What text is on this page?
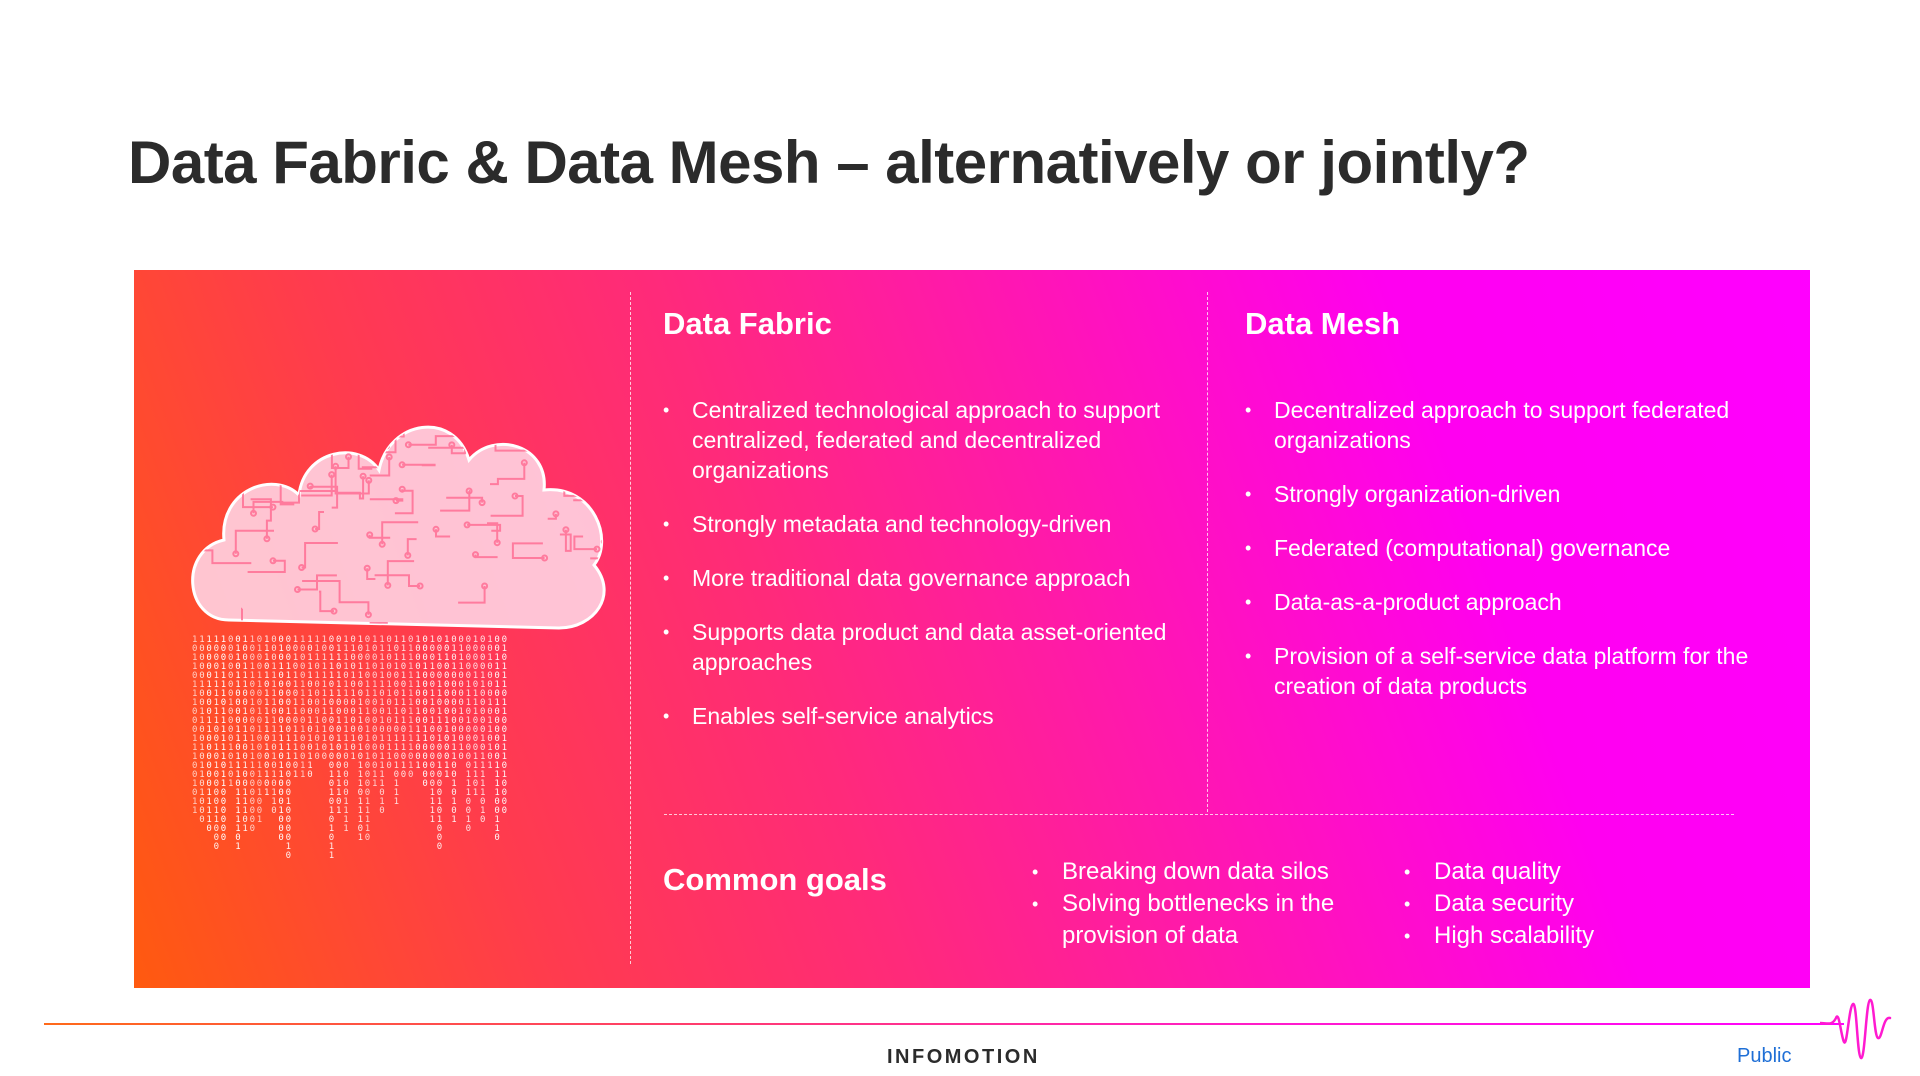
Data Fabric & Data Mesh – alternatively or jointly?
1 0 1 1 0 1 1 1 0 0 0 1 1 1 0 0 1 0 1 1
1 0 0 0 0 1 0 0 1 1 0 0 1 0 1 1 0 1 0 0 0
1 0 0 0 0 1 0 0 0 1 1 0 0 0 0 0 0 1 1 1 1 0
1 0 0 0 1 1 1 1 1 1 0 0 1 0 1 0 0 0 0 1 1 0 0 0
1 0 0 1 1 1 1 0 1 1 1 1 1 1 0 1 1 0 0 0 0 0 0
0 0 0 0 0 0 0 1 0 0 0 0 1 0 1 0 1
0 1 1 0 1 1 0 0 0 0 1 1 0 1 1 1 0 1 1 1 1 1 0 1
1 0 0 1 1 1 0 0 1 0 1 1 0 0 1 0 0 1 1 1 0 1
1 0 0 1 1 0 0 1 0 0 0 1 1 1 1 0 0 0 0 0 0 0
0 1 0 0 1 1 0 0 1 0 1 0 0 0 1 1 0 1 0 0 1
1 1 1 0 1 0 1 1 1 1 1 0 1 0 0 1 0 1
0 0 0 1 1 1 1 1 0 1 1 1 0 1 0 1 0 1 1 0
0 1 0 1 0 0 0 0 0 0 1 1 1 0 1 1 0 0 0 1 0 0 0
0 0 0 1 1 0 0 0 1 0 0 1 1 1 0 0 0 0 1 0 0 0 0 1 0
1 0 1 0 1 1 0 1 1 0 1 1 1 1 0 1
1 0 0 0 0 1 1 1 0 0 1 0 0 0 1 1
1 0 1 1 1 0 1 0 0 1 0 1 0 1 1 0
1 1 1 0 1 0 0 0 0 1 1 0 1 0
1 0 1 1 1 1 1 1 1 0 1 1 0 0
0 0 1 1 1 0 1 0 1 0 0 0 1 0 0 1 0 1 0 1 0 1 0 1 1
0 1 1 0 1 1 1 0 0 1 0 1 0 0 0 1 1 1 0 1
1 1 1 1 0 1 1 0 0 1 1 1 1 0 0 0 0 0 1 1 1 1
0 1 0 0 1 0 1 0 0 0 0 1 0 1
1 0 0 1 1 0 0 1 1 1 0 0 1 0 1 1 1 0 1 1 1 0 1
0 1 0 1 0 1 1 0 1 0 1 1 0 1 0 0 0 0 1 1 1 1 0
1 0 0 0 0 1 1 0 0 0 0 0 0 0 0 1 1
1 1 1 1 1 1 0 1 0 1 0 1 0 1 1 1 1 0 1 0
0 1 0 0 0 1 1 0 1 0 0 1 1 1 0
1 0 1 1 0 0 0 1 1 1 0 1 1 0 1 0 1 1 1
1 1 1 0 1 0 1 1 0 1 0 1 1 0 1 0
0 1 1 1 1 1 1 1 1 1 1 1 1 0 1 0
1 0 0 0 1 1 0 0 1 0 1 1 0 0 1
0 0 0 1 0 0 0 0 0 0 1 1 0 0 0 0 0
1 0 0 1 0 0 1 1 0 1 0 0 0 0 0 0 0 1 1 1 1
0 0 1 0 0 1 1 0 1 1 0 1 0 0 1 0 0 0 1 0 1 0 0 0
1 0 1 0 0 0 0 0 0 1 1 0 0 0 1 1
0 1 0 1 0 0 0 0 0 0 0 1 1 1 0 0 1 0 1 0 1
0 1 1 1 0 0 0 0 1 0 0 0 1 0
0 0 0 0 0 1 1 1 0 1 0 0 0 0 0 1 1 1 0 0 1 0
1 0 0 0 1 0 1 1 1 0 0 0 0 1 1 1 0 1
0 0 0 0 1 1 0 0 0 0 0 1 0 1 1 1 1 1 0 1 0
1 0 1 0 0 0 0 1 0 1 1 0 1 0 1
0 0 1 1 0 1 0 1 0 0 0 0 0 0 1 1 1 1 0 0 1 1 0
0 1 0 1 1 1 0 1 1 0 0 1 1 1 0 1 0 0 0 0
Data Fabric
• Centralized technological approach to support centralized, federated and decentralized organizations
• Strongly metadata and technology-driven
• More traditional data governance approach
• Supports data product and data asset-oriented approaches
• Enables self-service analytics
Data Mesh
• Decentralized approach to support federated organizations
• Strongly organization-driven
• Federated (computational) governance
• Data-as-a-product approach
• Provision of a self-service data platform for the creation of data products
Common goals
•	Breaking down data silos
• Solving bottlenecks in the provision of data
• Data quality
• Data security
• High scalability
INFOMOTION	Public
